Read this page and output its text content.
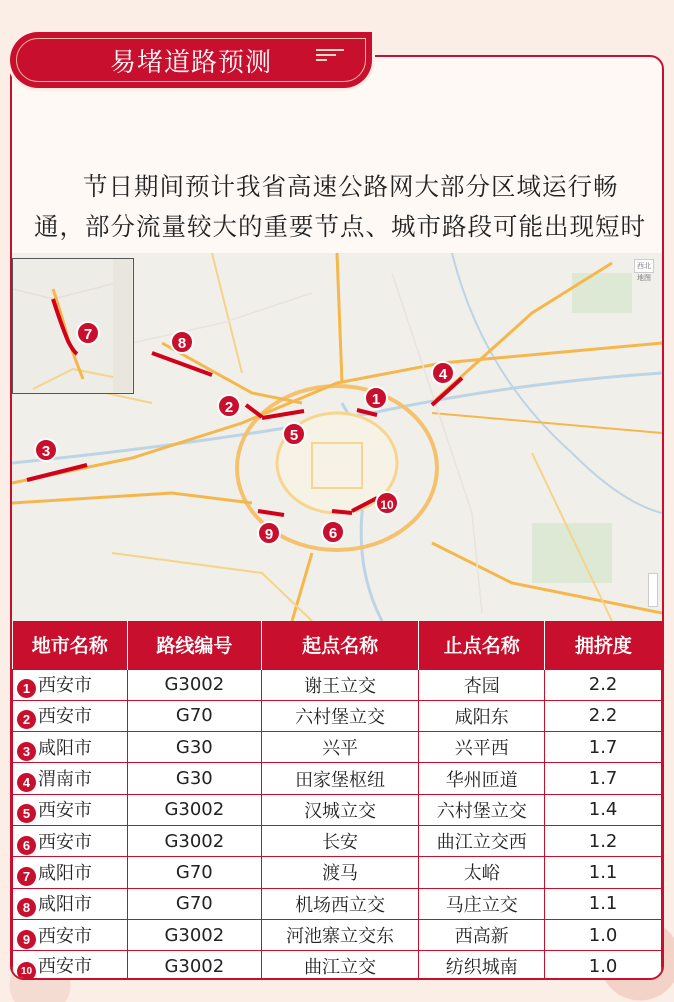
易堵道路预测

节日期间预计我省高速公路网大部分区域运行畅通，部分流量较大的重要节点、城市路段可能出现短时

1
2
3
4
5
6
7
8
9
10
西北地图
地市名称	路线编号	起点名称	止点名称	拥挤度
1 西安市	G3002	谢王立交	杏园	2.2
2 西安市	G70	六村堡立交	咸阳东	2.2
3 咸阳市	G30	兴平	兴平西	1.7
4 渭南市	G30	田家堡枢纽	华州匝道	1.7
5 西安市	G3002	汉城立交	六村堡立交	1.4
6 西安市	G3002	长安	曲江立交西	1.2
7 咸阳市	G70	渡马	太峪	1.1
8 咸阳市	G70	机场西立交	马庄立交	1.1
9 西安市	G3002	河池寨立交东	西高新	1.0
10 西安市	G3002	曲江立交	纺织城南	1.0
